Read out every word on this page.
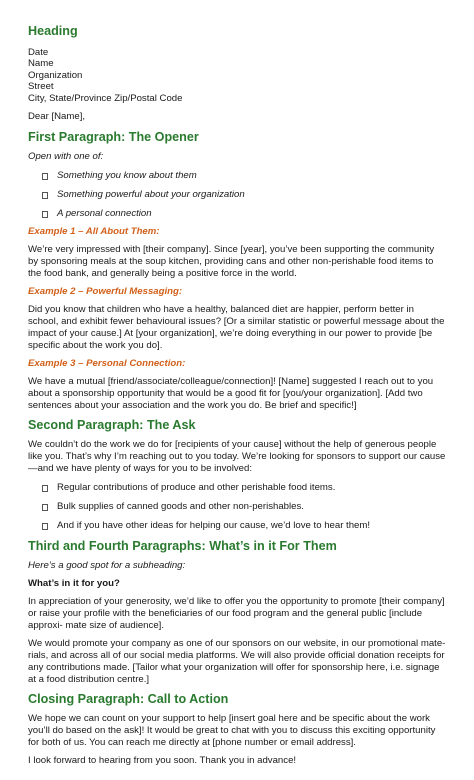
Heading
Date
Name
Organization
Street
City, State/Province Zip/Postal Code

Dear [Name],

First Paragraph: The Opener

Open with one of:

Something you know about them
Something powerful about your organization
A personal connection
Example 1 – All About Them:

We’re very impressed with [their company]. Since [year], you’ve been supporting the community by sponsoring meals at the soup kitchen, providing cans and other non-perishable food items to the food bank, and generally being a positive force in the world.

Example 2 – Powerful Messaging:

Did you know that children who have a healthy, balanced diet are happier, perform better in school, and exhibit fewer behavioural issues? [Or a similar statistic or powerful message about the impact of your cause.] At [your organization], we’re doing everything in our power to provide [be specific about the work you do].

Example 3 – Personal Connection:

We have a mutual [friend/associate/colleague/connection]! [Name] suggested I reach out to you about a sponsorship opportunity that would be a good fit for [you/your organization]. [Add two sentences about your association and the work you do. Be brief and specific!]

Second Paragraph: The Ask

We couldn’t do the work we do for [recipients of your cause] without the help of generous people like you. That’s why I’m reaching out to you today. We’re looking for sponsors to support our cause—and we have plenty of ways for you to be involved:

Regular contributions of produce and other perishable food items.
Bulk supplies of canned goods and other non-perishables.
And if you have other ideas for helping our cause, we’d love to hear them!
Third and Fourth Paragraphs: What’s in it For Them

Here’s a good spot for a subheading:

What’s in it for you?

In appreciation of your generosity, we’d like to offer you the opportunity to promote [their company] or raise your profile with the beneficiaries of our food program and the general public [include approxi- mate size of audience].

We would promote your company as one of our sponsors on our website, in our promotional mate- rials, and across all of our social media platforms. We will also provide official donation receipts for any contributions made. [Tailor what your organization will offer for sponsorship here, i.e. signage at a food distribution centre.]

Closing Paragraph: Call to Action

We hope we can count on your support to help [insert goal here and be specific about the work you’ll do based on the ask]! It would be great to chat with you to discuss this exciting opportunity for both of us. You can reach me directly at [phone number or email address].

I look forward to hearing from you soon. Thank you in advance!
